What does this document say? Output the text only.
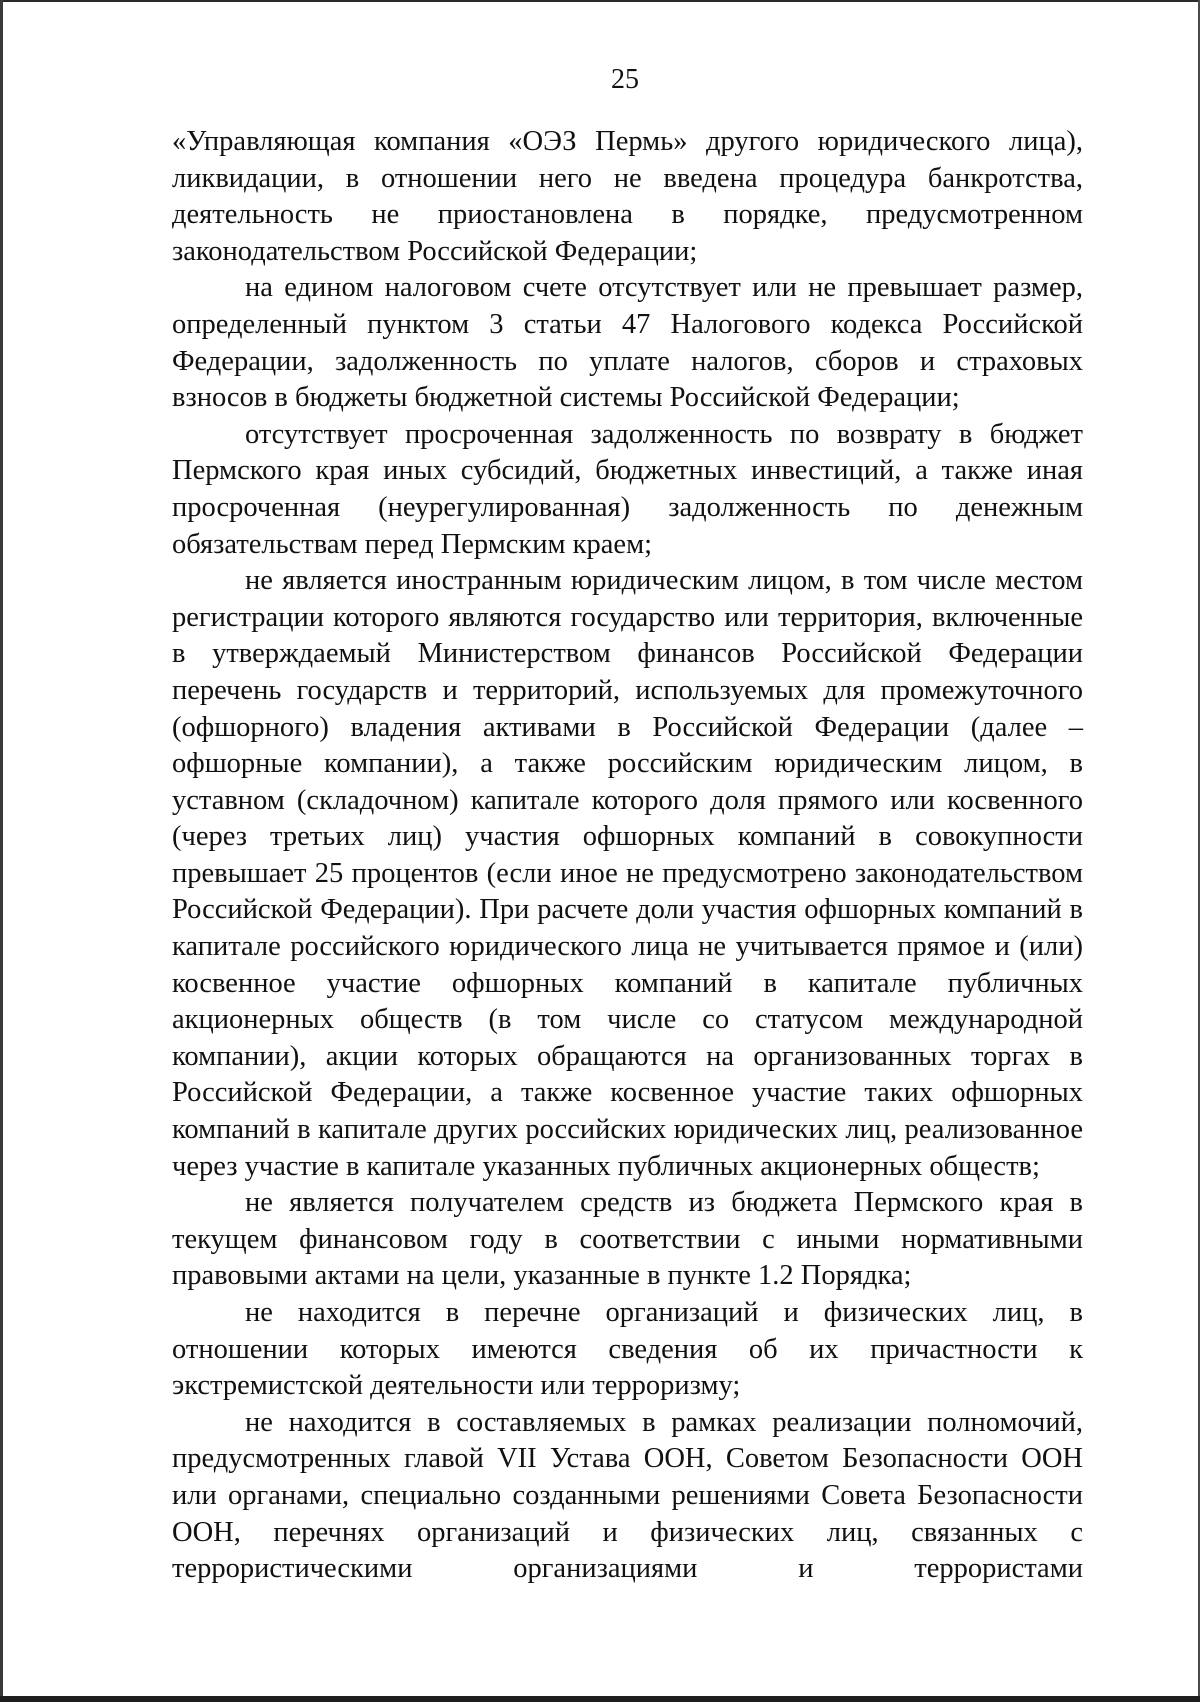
25

«Управляющая компания «ОЭЗ Пермь» другого юридического лица), ликвидации, в отношении него не введена процедура банкротства, деятельность не приостановлена в порядке, предусмотренном законодательством Российской Федерации;

на едином налоговом счете отсутствует или не превышает размер, определенный пунктом 3 статьи 47 Налогового кодекса Российской Федерации, задолженность по уплате налогов, сборов и страховых взносов в бюджеты бюджетной системы Российской Федерации;

отсутствует просроченная задолженность по возврату в бюджет Пермского края иных субсидий, бюджетных инвестиций, а также иная просроченная (неурегулированная) задолженность по денежным обязательствам перед Пермским краем;

не является иностранным юридическим лицом, в том числе местом регистрации которого являются государство или территория, включенные в утверждаемый Министерством финансов Российской Федерации перечень государств и территорий, используемых для промежуточного (офшорного) владения активами в Российской Федерации (далее – офшорные компании), а также российским юридическим лицом, в уставном (складочном) капитале которого доля прямого или косвенного (через третьих лиц) участия офшорных компаний в совокупности превышает 25 процентов (если иное не предусмотрено законодательством Российской Федерации). При расчете доли участия офшорных компаний в капитале российского юридического лица не учитывается прямое и (или) косвенное участие офшорных компаний в капитале публичных акционерных обществ (в том числе со статусом международной компании), акции которых обращаются на организованных торгах в Российской Федерации, а также косвенное участие таких офшорных компаний в капитале других российских юридических лиц, реализованное через участие в капитале указанных публичных акционерных обществ;

не является получателем средств из бюджета Пермского края в текущем финансовом году в соответствии с иными нормативными правовыми актами на цели, указанные в пункте 1.2 Порядка;

не находится в перечне организаций и физических лиц, в отношении которых имеются сведения об их причастности к экстремистской деятельности или терроризму;

не находится в составляемых в рамках реализации полномочий, предусмотренных главой VII Устава ООН, Советом Безопасности ООН или органами, специально созданными решениями Совета Безопасности ООН, перечнях организаций и физических лиц, связанных с террористическими организациями и террористами
